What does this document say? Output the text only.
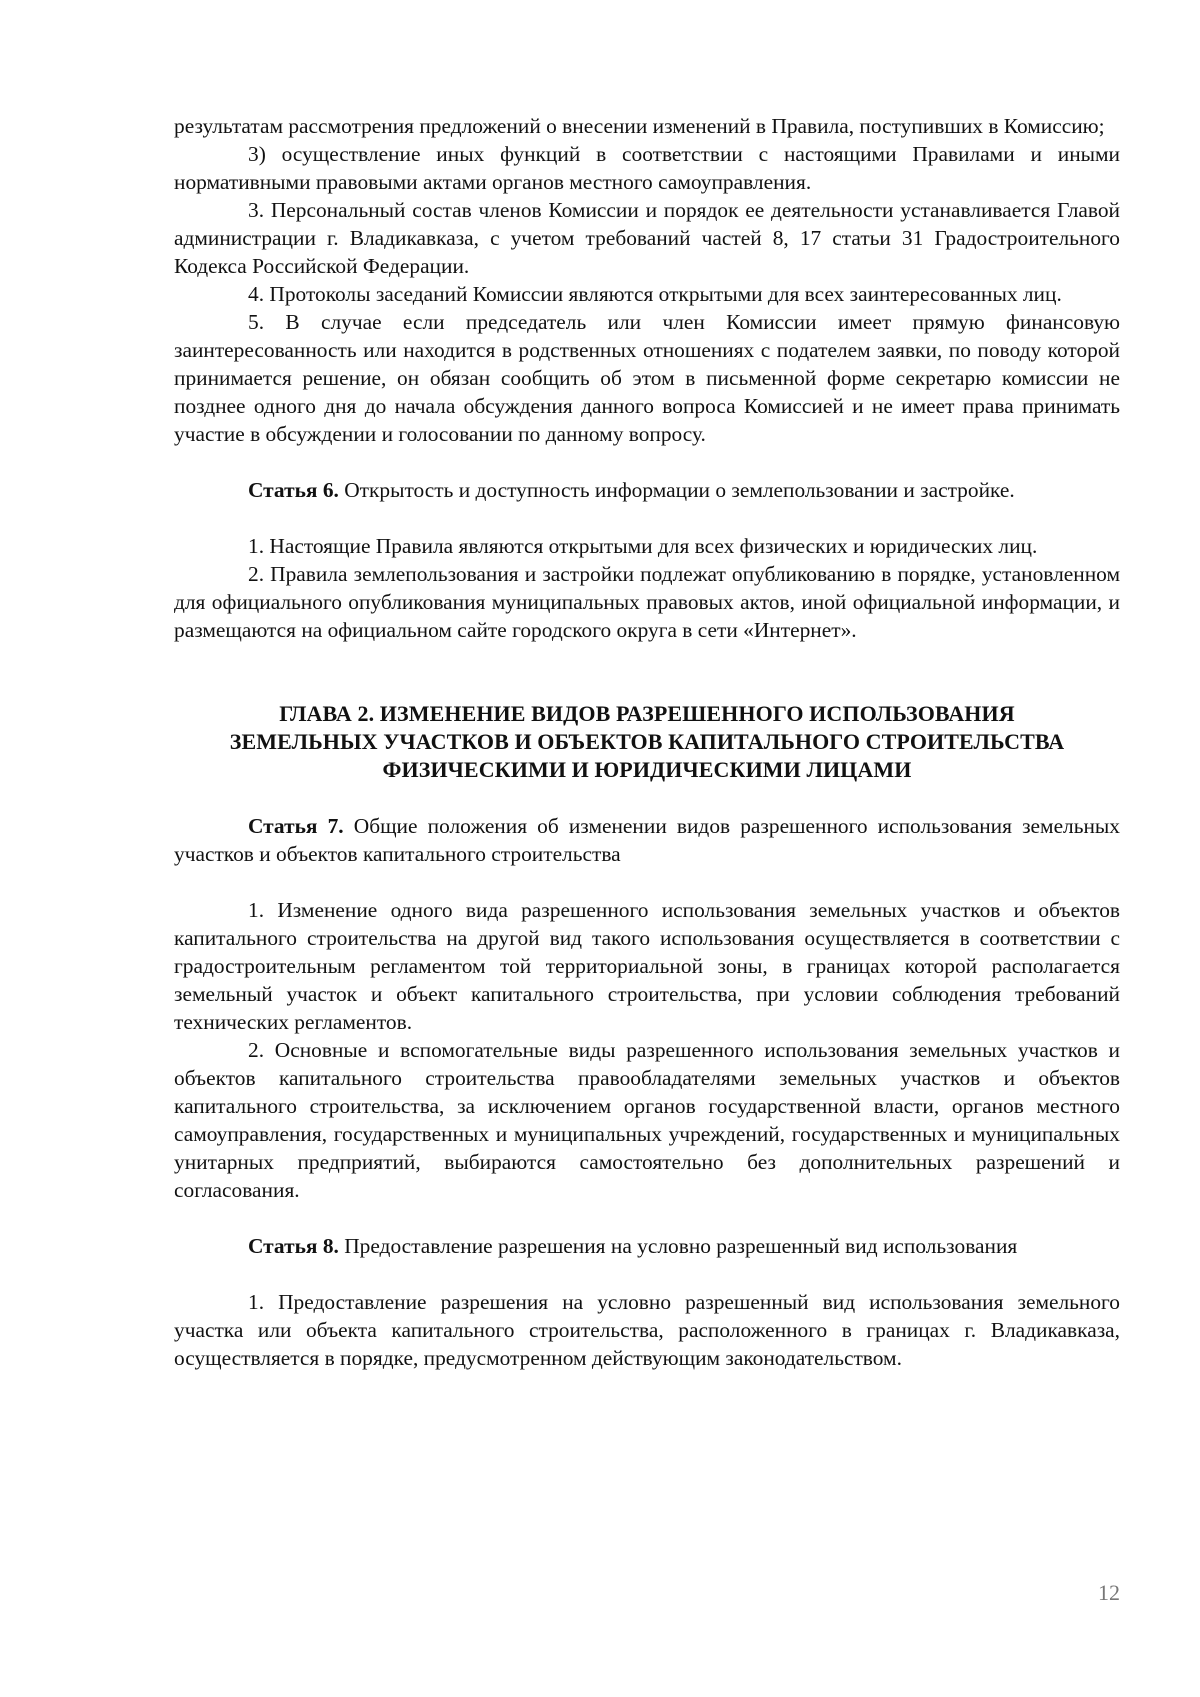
результатам рассмотрения предложений о внесении изменений в Правила, поступивших в Комиссию;

3) осуществление иных функций в соответствии с настоящими Правилами и иными нормативными правовыми актами органов местного самоуправления.

3. Персональный состав членов Комиссии и порядок ее деятельности устанавливается Главой администрации г. Владикавказа, с учетом требований частей 8, 17 статьи 31 Градостроительного Кодекса Российской Федерации.

4. Протоколы заседаний Комиссии являются открытыми для всех заинтересованных лиц.

5. В случае если председатель или член Комиссии имеет прямую финансовую заинтересованность или находится в родственных отношениях с подателем заявки, по поводу которой принимается решение, он обязан сообщить об этом в письменной форме секретарю комиссии не позднее одного дня до начала обсуждения данного вопроса Комиссией и не имеет права принимать участие в обсуждении и голосовании по данному вопросу.

Статья 6. Открытость и доступность информации о землепользовании и застройке.

1. Настоящие Правила являются открытыми для всех физических и юридических лиц.

2. Правила землепользования и застройки подлежат опубликованию в порядке, установленном для официального опубликования муниципальных правовых актов, иной официальной информации, и размещаются на официальном сайте городского округа в сети «Интернет».

ГЛАВА 2. ИЗМЕНЕНИЕ ВИДОВ РАЗРЕШЕННОГО ИСПОЛЬЗОВАНИЯ
ЗЕМЕЛЬНЫХ УЧАСТКОВ И ОБЪЕКТОВ КАПИТАЛЬНОГО СТРОИТЕЛЬСТВА
ФИЗИЧЕСКИМИ И ЮРИДИЧЕСКИМИ ЛИЦАМИ

Статья 7. Общие положения об изменении видов разрешенного использования земельных участков и объектов капитального строительства

1. Изменение одного вида разрешенного использования земельных участков и объектов капитального строительства на другой вид такого использования осуществляется в соответствии с градостроительным регламентом той территориальной зоны, в границах которой располагается земельный участок и объект капитального строительства, при условии соблюдения требований технических регламентов.

2. Основные и вспомогательные виды разрешенного использования земельных участков и объектов капитального строительства правообладателями земельных участков и объектов капитального строительства, за исключением органов государственной власти, органов местного самоуправления, государственных и муниципальных учреждений, государственных и муниципальных унитарных предприятий, выбираются самостоятельно без дополнительных разрешений и согласования.

Статья 8. Предоставление разрешения на условно разрешенный вид использования

1. Предоставление разрешения на условно разрешенный вид использования земельного участка или объекта капитального строительства, расположенного в границах г. Владикавказа, осуществляется в порядке, предусмотренном действующим законодательством.

12
